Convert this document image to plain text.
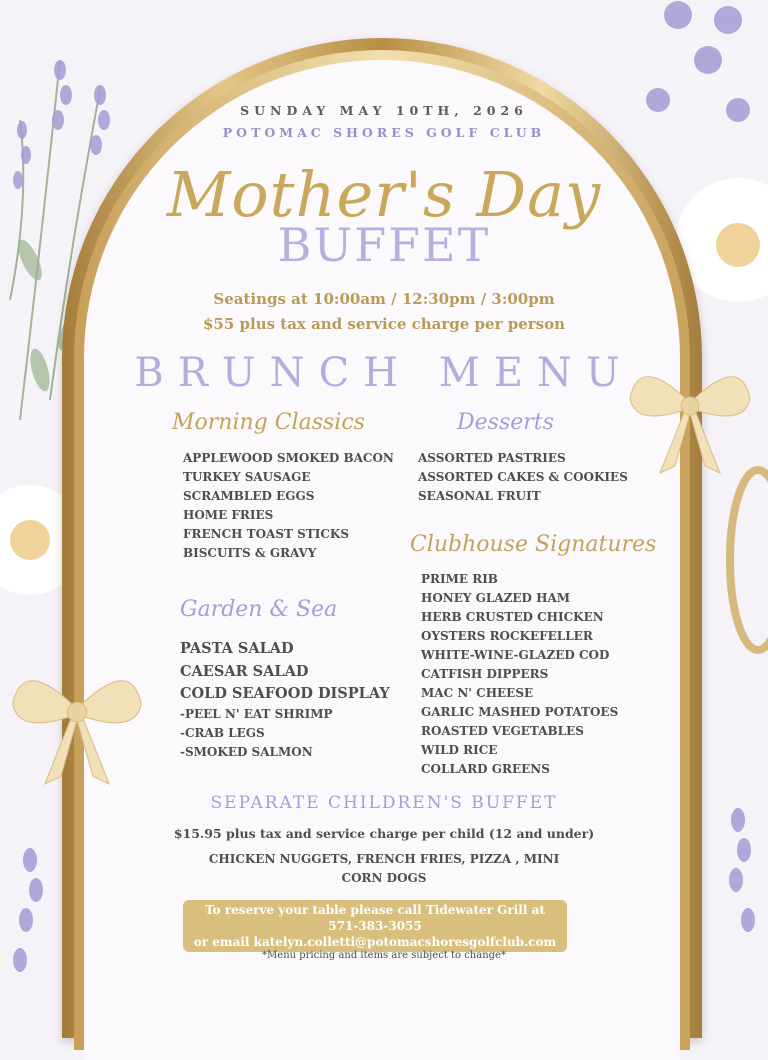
SUNDAY MAY 10TH, 2026

POTOMAC SHORES GOLF CLUB

Mother's Day

BUFFET

Seatings at 10:00am / 12:30pm / 3:00pm

$55 plus tax and service charge per person

BRUNCH MENU

Morning Classics
APPLEWOOD SMOKED BACON
TURKEY SAUSAGE
SCRAMBLED EGGS
HOME FRIES
FRENCH TOAST STICKS
BISCUITS & GRAVY
Desserts
ASSORTED PASTRIES
ASSORTED CAKES & COOKIES
SEASONAL FRUIT
Clubhouse Signatures
PRIME RIB
HONEY GLAZED HAM
HERB CRUSTED CHICKEN
OYSTERS ROCKEFELLER
WHITE-WINE-GLAZED COD
CATFISH DIPPERS
MAC N' CHEESE
GARLIC MASHED POTATOES
ROASTED VEGETABLES
WILD RICE
COLLARD GREENS
Garden & Sea
PASTA SALAD
CAESAR SALAD
COLD SEAFOOD DISPLAY
-PEEL N' EAT SHRIMP
-CRAB LEGS
-SMOKED SALMON

SEPARATE CHILDREN'S BUFFET

$15.95 plus tax and service charge per child (12 and under)

CHICKEN NUGGETS, FRENCH FRIES, PIZZA , MINI CORN DOGS
To reserve your table please call Tidewater Grill at 571-383-3055
or email katelyn.colletti@potomacshoresgolfclub.com

*Menu pricing and items are subject to change*
